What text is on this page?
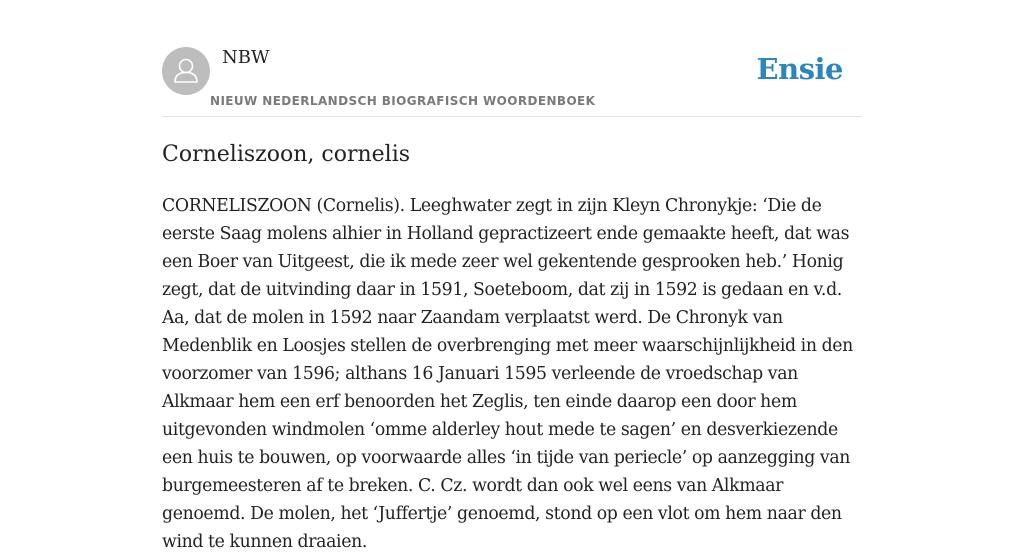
NBW
NIEUW NEDERLANDSCH BIOGRAFISCH WOORDENBOEK
Ensie
Corneliszoon, cornelis

CORNELISZOON (Cornelis). Leeghwater zegt in zijn Kleyn Chronykje: ‘Die de eerste Saag molens alhier in Holland gepractizeert ende gemaakte heeft, dat was een Boer van Uitgeest, die ik mede zeer wel gekentende gesprooken heb.’ Honig zegt, dat de uitvinding daar in 1591, Soeteboom, dat zij in 1592 is gedaan en v.d. Aa, dat de molen in 1592 naar Zaandam verplaatst werd. De Chronyk van Medenblik en Loosjes stellen de overbrenging met meer waarschijnlijkheid in den voorzomer van 1596; althans 16 Januari 1595 verleende de vroedschap van Alkmaar hem een erf benoorden het Zeglis, ten einde daarop een door hem uitgevonden windmolen ‘omme alderley hout mede te sagen’ en desverkiezende een huis te bouwen, op voorwaarde alles ‘in tijde van periecle’ op aanzegging van burgemeesteren af te breken. C. Cz. wordt dan ook wel eens van Alkmaar genoemd. De molen, het ‘Juffertje’ genoemd, stond op een vlot om hem naar den wind te kunnen draaien.
